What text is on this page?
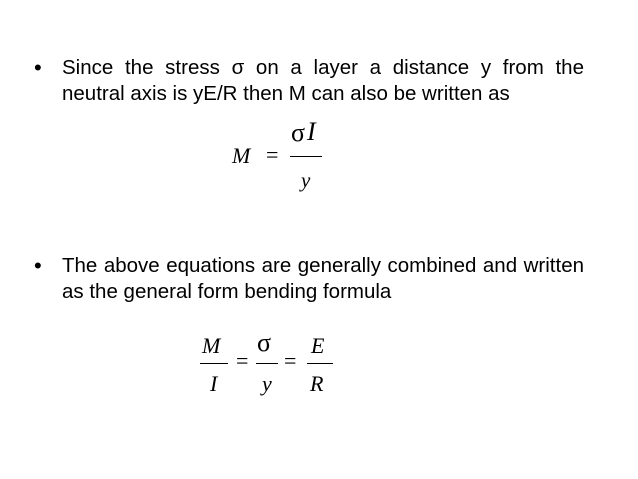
• Since the stress σ on a layer a distance y from the neutral axis is yE/R then M can also be written as
M =
σ I
y
• The above equations are generally combined and written as the general form bending formula
M
I
=
σ
y
=
E
R
